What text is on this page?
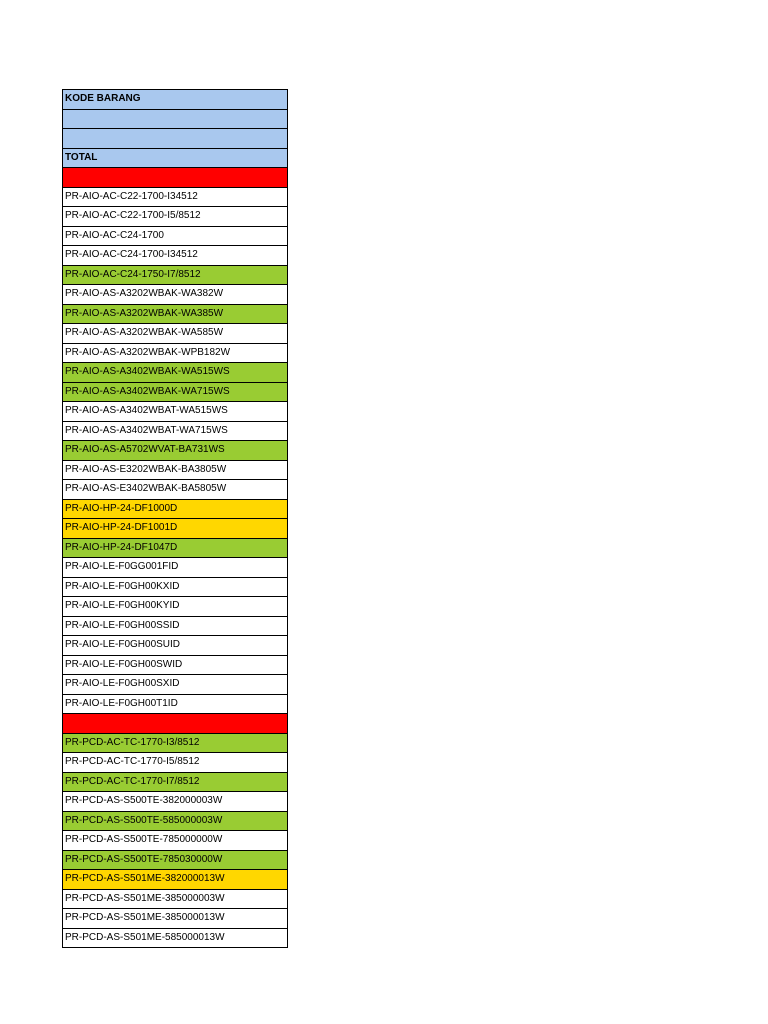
KODE BARANG

TOTAL

PR-AIO-AC-C22-1700-I34512
PR-AIO-AC-C22-1700-I5/8512
PR-AIO-AC-C24-1700
PR-AIO-AC-C24-1700-I34512
PR-AIO-AC-C24-1750-I7/8512
PR-AIO-AS-A3202WBAK-WA382W
PR-AIO-AS-A3202WBAK-WA385W
PR-AIO-AS-A3202WBAK-WA585W
PR-AIO-AS-A3202WBAK-WPB182W
PR-AIO-AS-A3402WBAK-WA515WS
PR-AIO-AS-A3402WBAK-WA715WS
PR-AIO-AS-A3402WBAT-WA515WS
PR-AIO-AS-A3402WBAT-WA715WS
PR-AIO-AS-A5702WVAT-BA731WS
PR-AIO-AS-E3202WBAK-BA3805W
PR-AIO-AS-E3402WBAK-BA5805W
PR-AIO-HP-24-DF1000D
PR-AIO-HP-24-DF1001D
PR-AIO-HP-24-DF1047D
PR-AIO-LE-F0GG001FID
PR-AIO-LE-F0GH00KXID
PR-AIO-LE-F0GH00KYID
PR-AIO-LE-F0GH00SSID
PR-AIO-LE-F0GH00SUID
PR-AIO-LE-F0GH00SWID
PR-AIO-LE-F0GH00SXID
PR-AIO-LE-F0GH00T1ID

PR-PCD-AC-TC-1770-I3/8512
PR-PCD-AC-TC-1770-I5/8512
PR-PCD-AC-TC-1770-I7/8512
PR-PCD-AS-S500TE-382000003W
PR-PCD-AS-S500TE-585000003W
PR-PCD-AS-S500TE-785000000W
PR-PCD-AS-S500TE-785030000W
PR-PCD-AS-S501ME-382000013W
PR-PCD-AS-S501ME-385000003W
PR-PCD-AS-S501ME-385000013W
PR-PCD-AS-S501ME-585000013W
